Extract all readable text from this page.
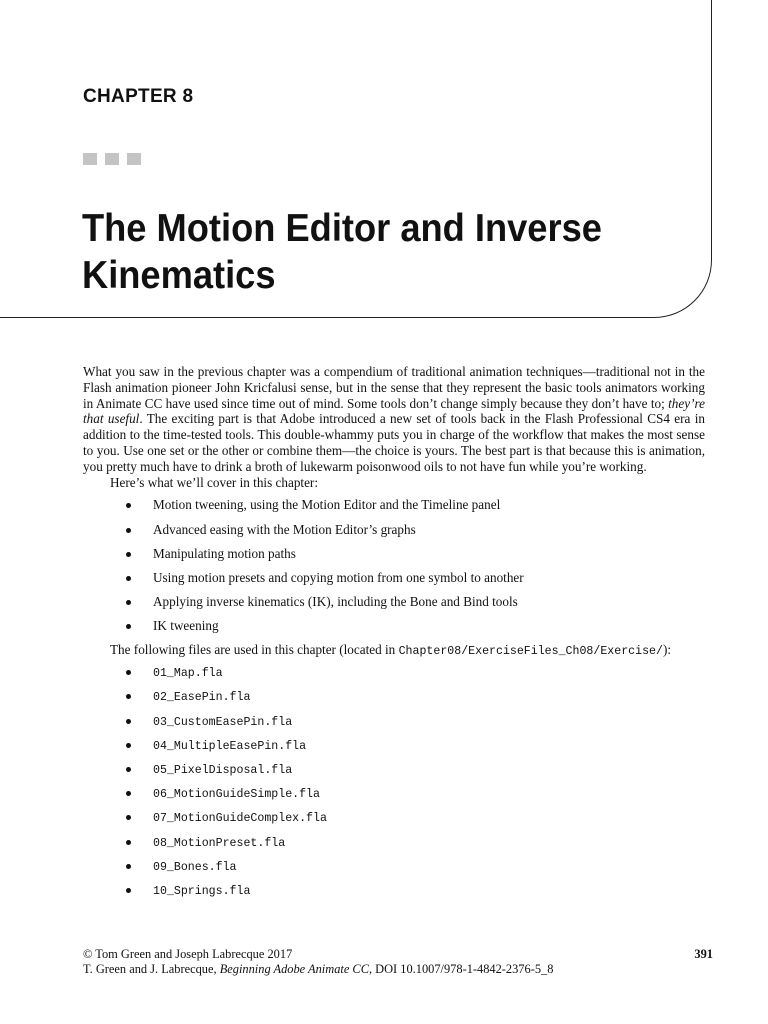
CHAPTER 8
The Motion Editor and Inverse
Kinematics

What you saw in the previous chapter was a compendium of traditional animation techniques—traditional not in the Flash animation pioneer John Kricfalusi sense, but in the sense that they represent the basic tools animators working in Animate CC have used since time out of mind. Some tools don’t change simply because they don’t have to; they’re that useful. The exciting part is that Adobe introduced a new set of tools back in the Flash Professional CS4 era in addition to the time-tested tools. This double-whammy puts you in charge of the workflow that makes the most sense to you. Use one set or the other or combine them—the choice is yours. The best part is that because this is animation, you pretty much have to drink a broth of lukewarm poisonwood oils to not have fun while you’re working.

Here’s what we’ll cover in this chapter:

Motion tweening, using the Motion Editor and the Timeline panel
Advanced easing with the Motion Editor’s graphs
Manipulating motion paths
Using motion presets and copying motion from one symbol to another
Applying inverse kinematics (IK), including the Bone and Bind tools
IK tweening

The following files are used in this chapter (located in Chapter08/ExerciseFiles_Ch08/Exercise/):

01_Map.fla
02_EasePin.fla
03_CustomEasePin.fla
04_MultipleEasePin.fla
05_PixelDisposal.fla
06_MotionGuideSimple.fla
07_MotionGuideComplex.fla
08_MotionPreset.fla
09_Bones.fla
10_Springs.fla
© Tom Green and Joseph Labrecque 2017
T. Green and J. Labrecque, Beginning Adobe Animate CC, DOI 10.1007/978-1-4842-2376-5_8
391
